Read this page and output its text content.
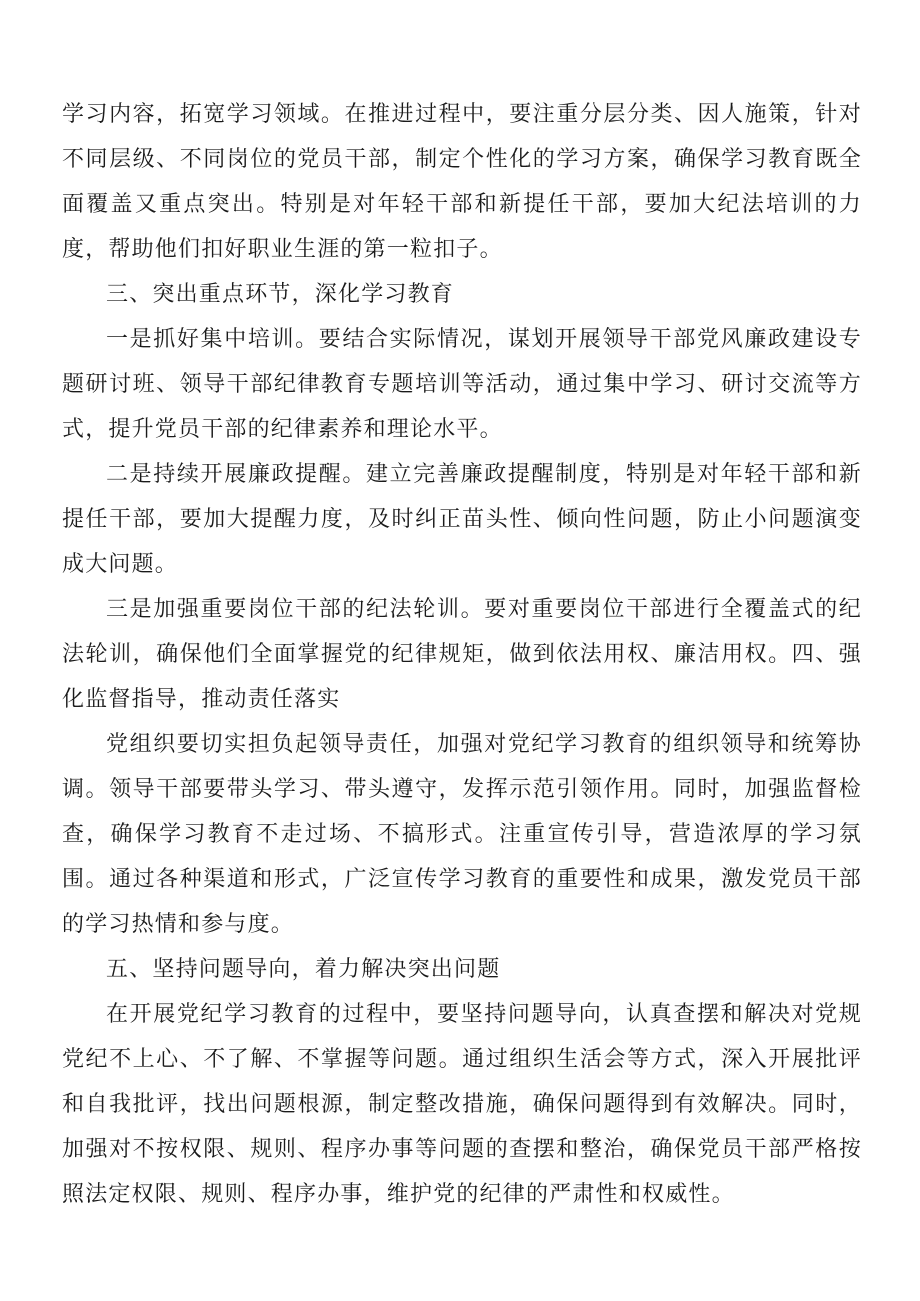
学习内容，拓宽学习领域。在推进过程中，要注重分层分类、因人施策，针对不同层级、不同岗位的党员干部，制定个性化的学习方案，确保学习教育既全面覆盖又重点突出。特别是对年轻干部和新提任干部，要加大纪法培训的力度，帮助他们扣好职业生涯的第一粒扣子。

三、突出重点环节，深化学习教育

一是抓好集中培训。要结合实际情况，谋划开展领导干部党风廉政建设专题研讨班、领导干部纪律教育专题培训等活动，通过集中学习、研讨交流等方式，提升党员干部的纪律素养和理论水平。

二是持续开展廉政提醒。建立完善廉政提醒制度，特别是对年轻干部和新提任干部，要加大提醒力度，及时纠正苗头性、倾向性问题，防止小问题演变成大问题。

三是加强重要岗位干部的纪法轮训。要对重要岗位干部进行全覆盖式的纪法轮训，确保他们全面掌握党的纪律规矩，做到依法用权、廉洁用权。四、强化监督指导，推动责任落实

党组织要切实担负起领导责任，加强对党纪学习教育的组织领导和统筹协调。领导干部要带头学习、带头遵守，发挥示范引领作用。同时，加强监督检查，确保学习教育不走过场、不搞形式。注重宣传引导，营造浓厚的学习氛围。通过各种渠道和形式，广泛宣传学习教育的重要性和成果，激发党员干部的学习热情和参与度。

五、坚持问题导向，着力解决突出问题

在开展党纪学习教育的过程中，要坚持问题导向，认真查摆和解决对党规党纪不上心、不了解、不掌握等问题。通过组织生活会等方式，深入开展批评和自我批评，找出问题根源，制定整改措施，确保问题得到有效解决。同时，加强对不按权限、规则、程序办事等问题的查摆和整治，确保党员干部严格按照法定权限、规则、程序办事，维护党的纪律的严肃性和权威性。
